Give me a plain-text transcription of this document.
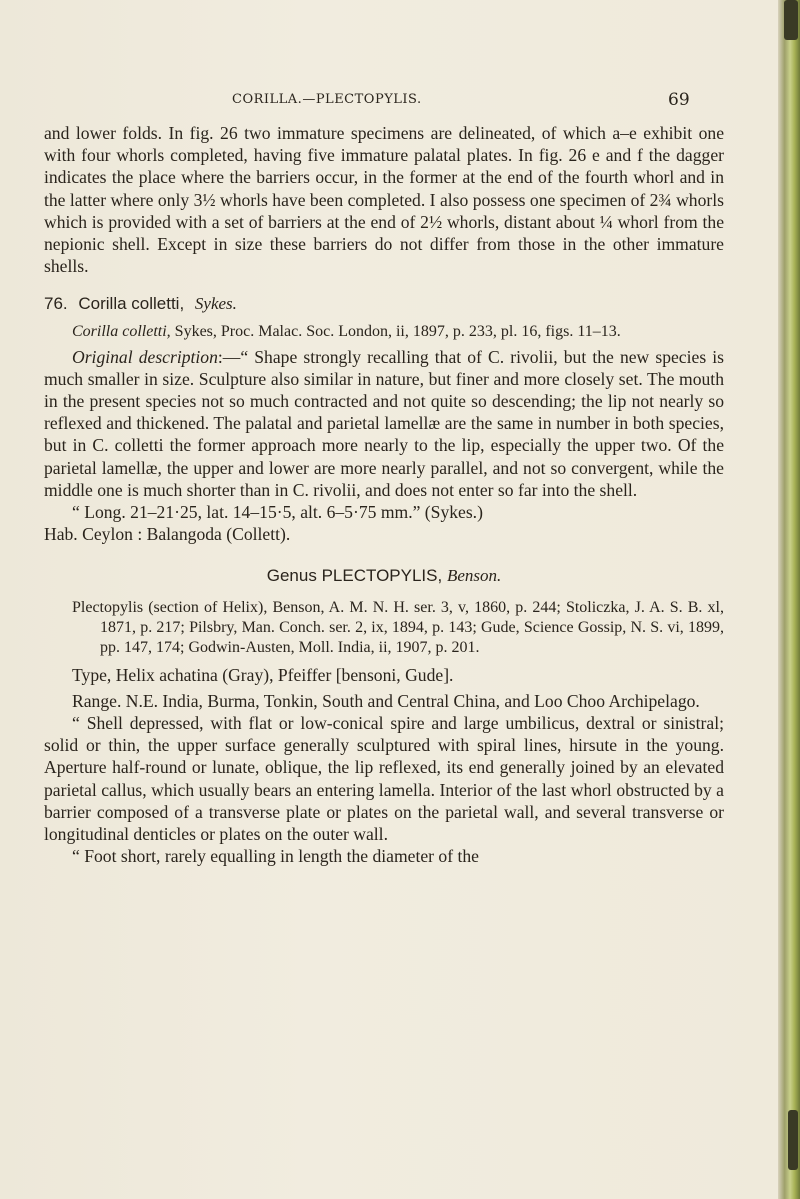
CORILLA.—PLECTOPYLIS.	69

and lower folds. In fig. 26 two immature specimens are delineated, of which a–e exhibit one with four whorls completed, having five immature palatal plates. In fig. 26 e and f the dagger indicates the place where the barriers occur, in the former at the end of the fourth whorl and in the latter where only 3½ whorls have been completed. I also possess one specimen of 2¾ whorls which is provided with a set of barriers at the end of 2½ whorls, distant about ¼ whorl from the nepionic shell. Except in size these barriers do not differ from those in the other immature shells.

76. Corilla colletti, Sykes.

Corilla colletti, Sykes, Proc. Malac. Soc. London, ii, 1897, p. 233, pl. 16, figs. 11–13.

Original description:—“ Shape strongly recalling that of C. rivolii, but the new species is much smaller in size. Sculpture also similar in nature, but finer and more closely set. The mouth in the present species not so much contracted and not quite so descending; the lip not nearly so reflexed and thickened. The palatal and parietal lamellæ are the same in number in both species, but in C. colletti the former approach more nearly to the lip, especially the upper two. Of the parietal lamellæ, the upper and lower are more nearly parallel, and not so convergent, while the middle one is much shorter than in C. rivolii, and does not enter so far into the shell.

“ Long. 21–21·25, lat. 14–15·5, alt. 6–5·75 mm.” (Sykes.)

Hab. Ceylon : Balangoda (Collett).

Genus PLECTOPYLIS, Benson.

Plectopylis (section of Helix), Benson, A. M. N. H. ser. 3, v, 1860, p. 244; Stoliczka, J. A. S. B. xl, 1871, p. 217; Pilsbry, Man. Conch. ser. 2, ix, 1894, p. 143; Gude, Science Gossip, N. S. vi, 1899, pp. 147, 174; Godwin-Austen, Moll. India, ii, 1907, p. 201.

Type, Helix achatina (Gray), Pfeiffer [bensoni, Gude].

Range. N.E. India, Burma, Tonkin, South and Central China, and Loo Choo Archipelago.

“ Shell depressed, with flat or low-conical spire and large umbilicus, dextral or sinistral; solid or thin, the upper surface generally sculptured with spiral lines, hirsute in the young. Aperture half-round or lunate, oblique, the lip reflexed, its end generally joined by an elevated parietal callus, which usually bears an entering lamella. Interior of the last whorl obstructed by a barrier composed of a transverse plate or plates on the parietal wall, and several transverse or longitudinal denticles or plates on the outer wall.

“ Foot short, rarely equalling in length the diameter of the
